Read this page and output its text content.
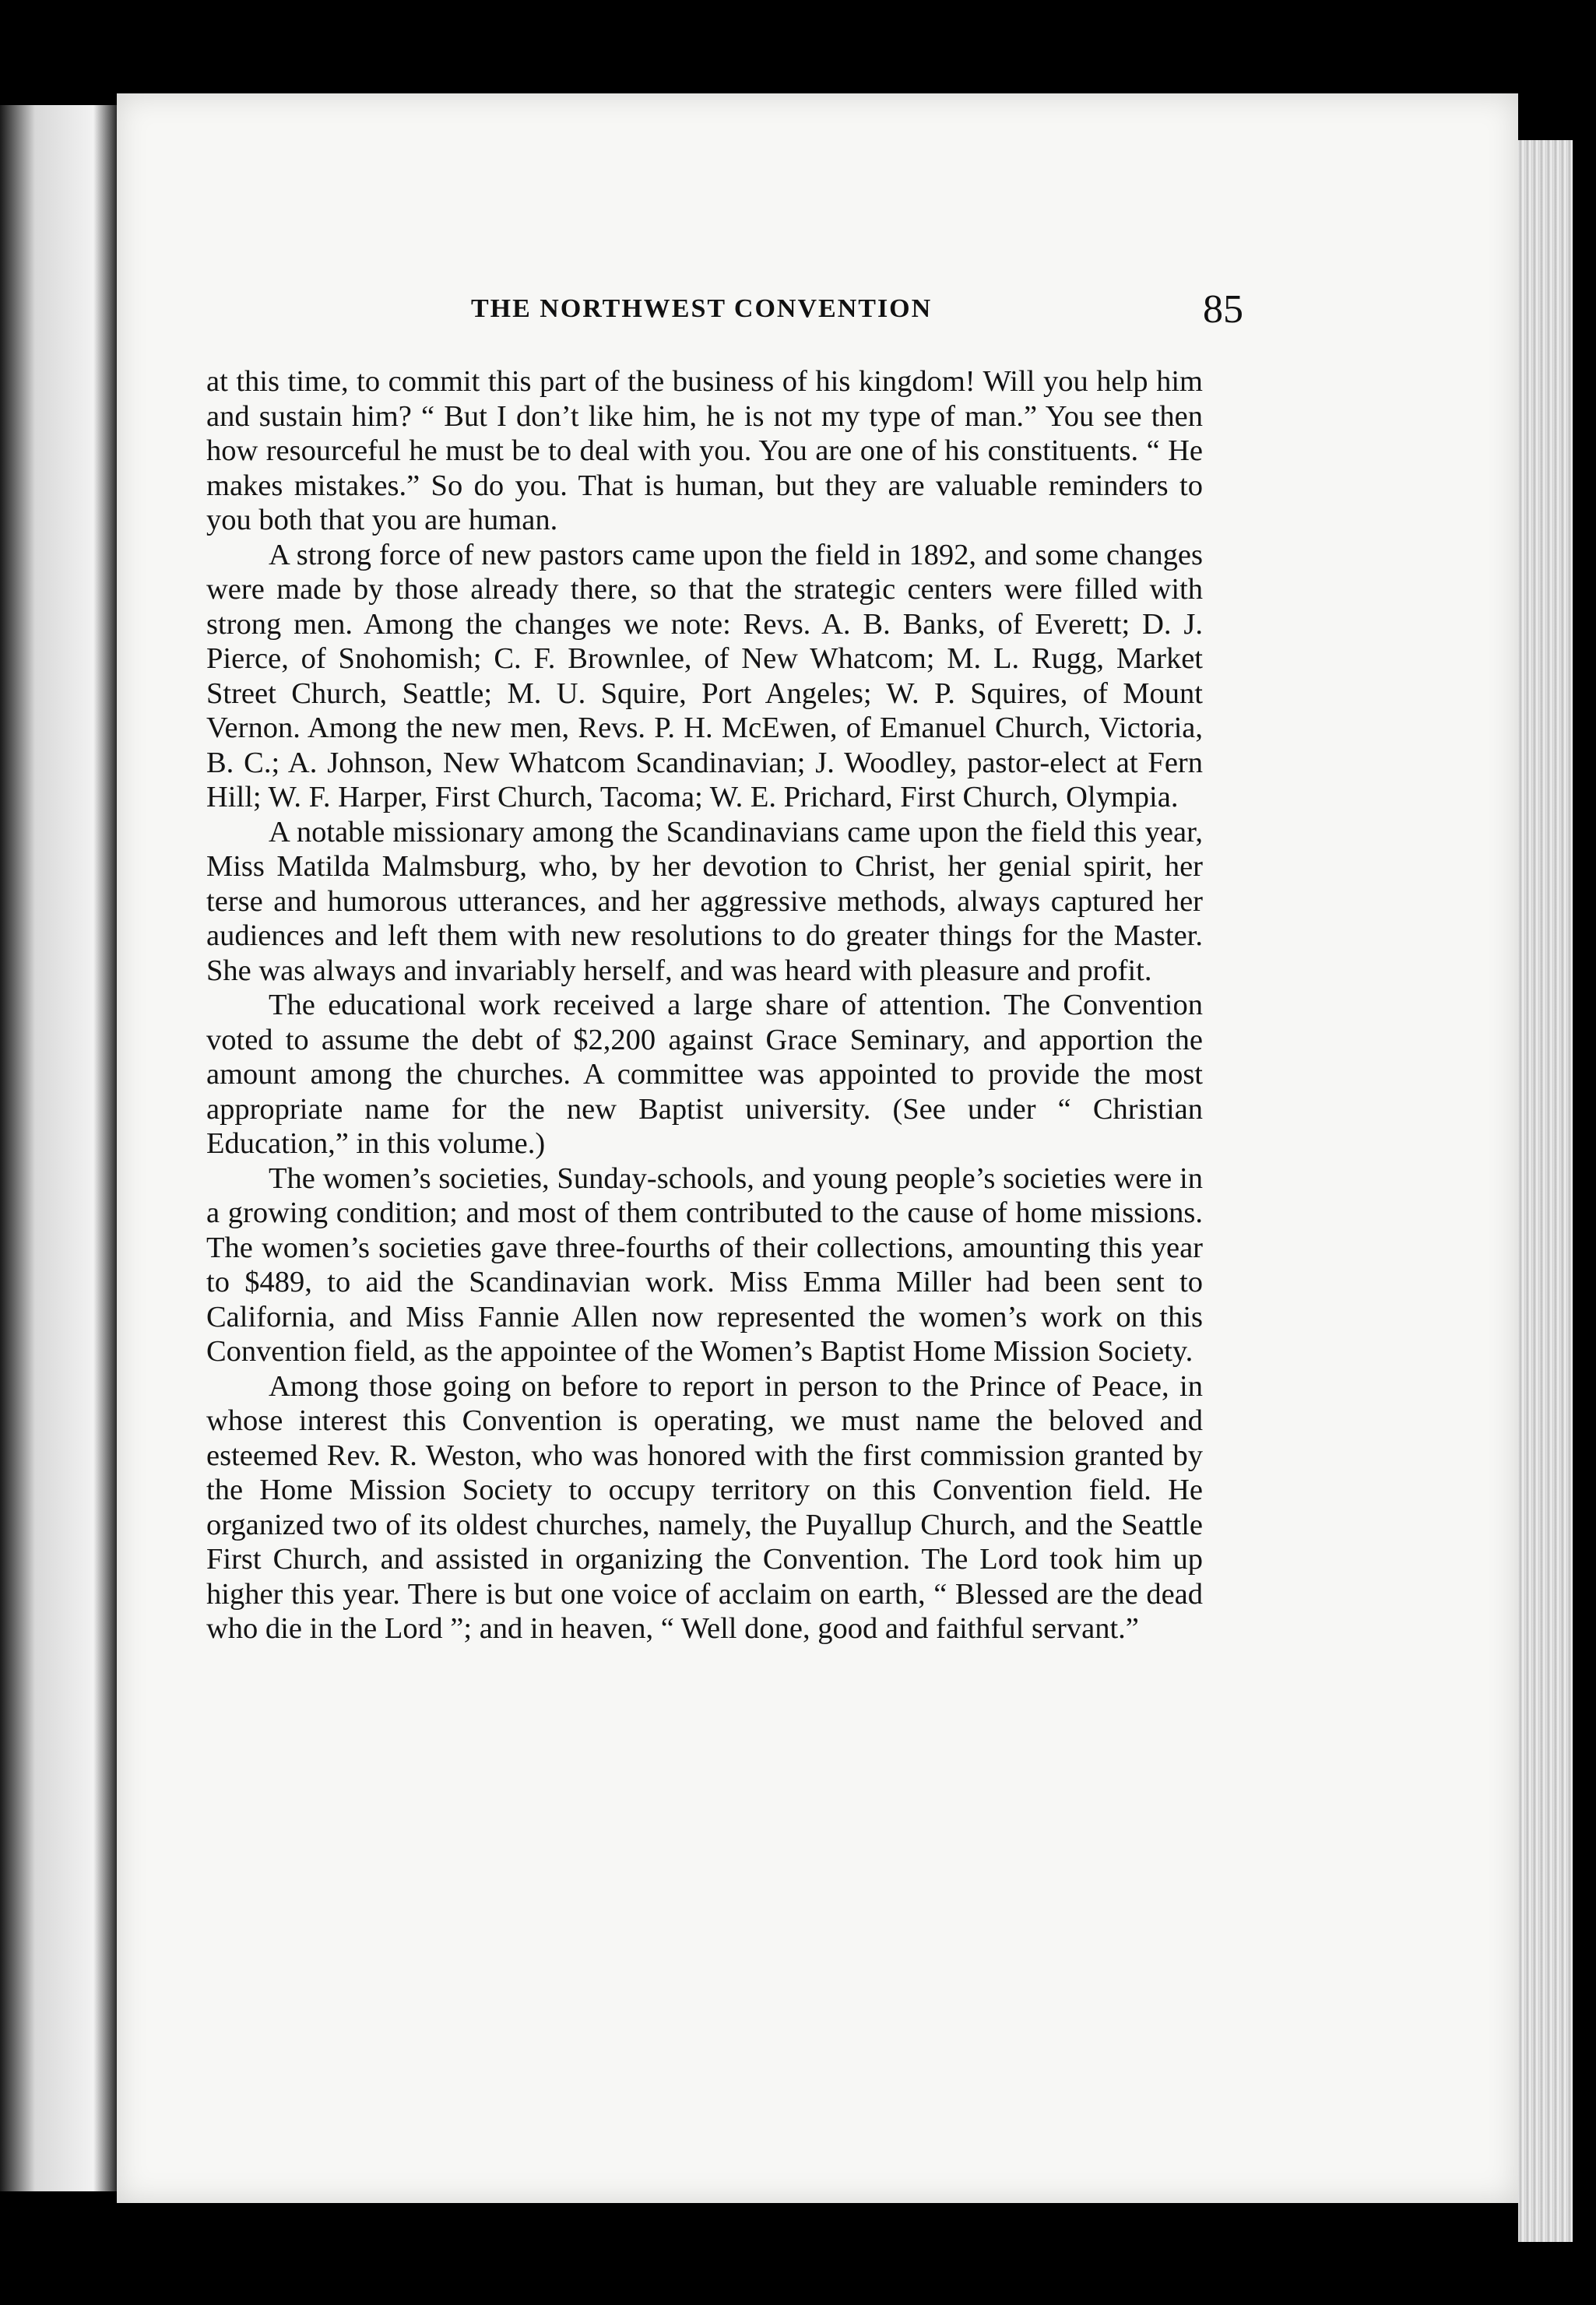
THE NORTHWEST CONVENTION	85

at this time, to commit this part of the business of his kingdom! Will you help him and sustain him? “ But I don’t like him, he is not my type of man.” You see then how resourceful he must be to deal with you. You are one of his constituents. “ He makes mistakes.” So do you. That is human, but they are valuable reminders to you both that you are human.

A strong force of new pastors came upon the field in 1892, and some changes were made by those already there, so that the strategic centers were filled with strong men. Among the changes we note: Revs. A. B. Banks, of Everett; D. J. Pierce, of Snohomish; C. F. Brownlee, of New Whatcom; M. L. Rugg, Market Street Church, Seattle; M. U. Squire, Port Angeles; W. P. Squires, of Mount Vernon. Among the new men, Revs. P. H. McEwen, of Emanuel Church, Victoria, B. C.; A. Johnson, New Whatcom Scandinavian; J. Woodley, pastor-elect at Fern Hill; W. F. Harper, First Church, Tacoma; W. E. Prichard, First Church, Olympia.

A notable missionary among the Scandinavians came upon the field this year, Miss Matilda Malmsburg, who, by her devotion to Christ, her genial spirit, her terse and humorous utterances, and her aggressive methods, always captured her audiences and left them with new resolutions to do greater things for the Master. She was always and invariably herself, and was heard with pleasure and profit.

The educational work received a large share of attention. The Convention voted to assume the debt of $2,200 against Grace Seminary, and apportion the amount among the churches. A committee was appointed to provide the most appropriate name for the new Baptist university. (See under “ Christian Education,” in this volume.)

The women’s societies, Sunday-schools, and young people’s societies were in a growing condition; and most of them contributed to the cause of home missions. The women’s societies gave three-fourths of their collections, amounting this year to $489, to aid the Scandinavian work. Miss Emma Miller had been sent to California, and Miss Fannie Allen now represented the women’s work on this Convention field, as the appointee of the Women’s Baptist Home Mission Society.

Among those going on before to report in person to the Prince of Peace, in whose interest this Convention is operating, we must name the beloved and esteemed Rev. R. Weston, who was honored with the first commission granted by the Home Mission Society to occupy territory on this Convention field. He organized two of its oldest churches, namely, the Puyallup Church, and the Seattle First Church, and assisted in organizing the Convention. The Lord took him up higher this year. There is but one voice of acclaim on earth, “ Blessed are the dead who die in the Lord ”; and in heaven, “ Well done, good and faithful servant.”
